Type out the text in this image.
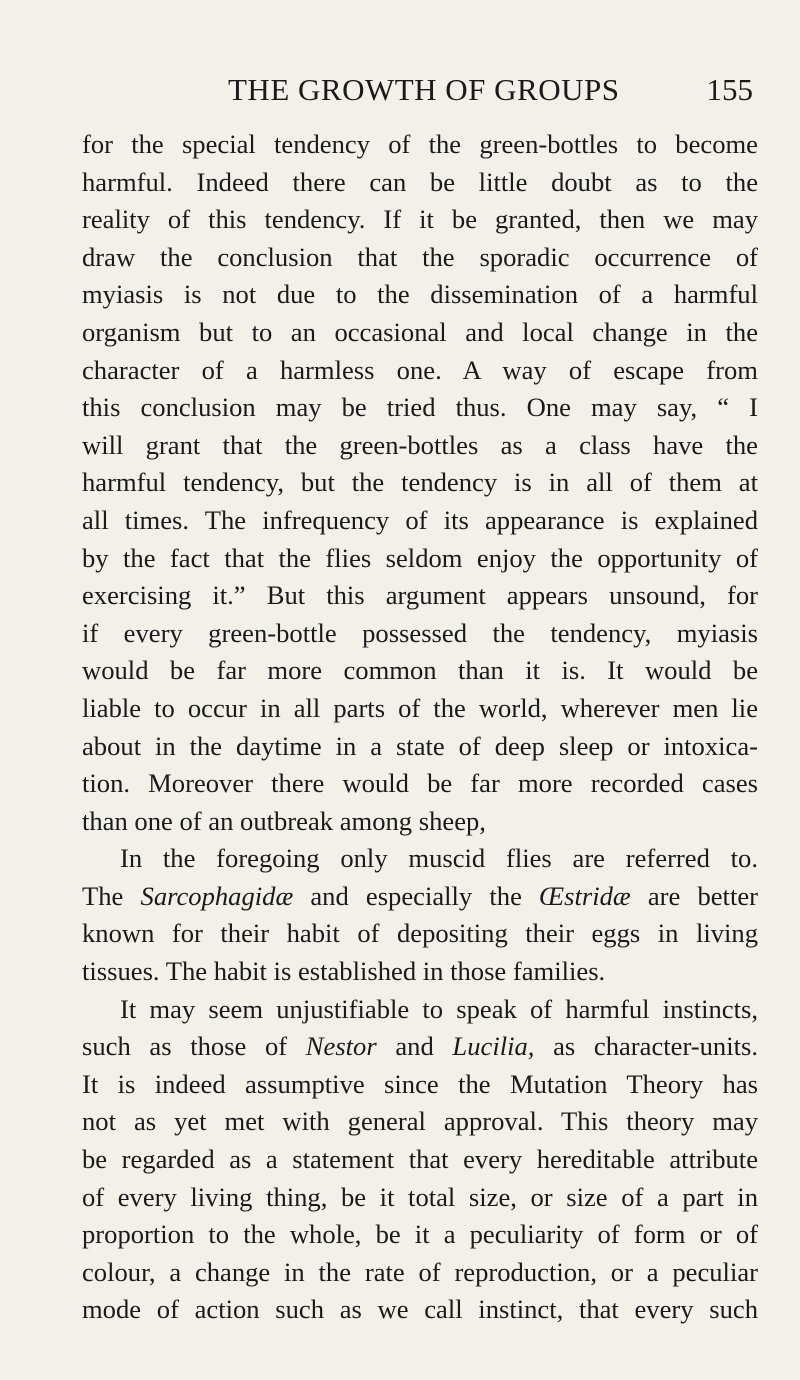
THE GROWTH OF GROUPS	155
for the special tendency of the green-bottles to become
harmful. Indeed there can be little doubt as to the
reality of this tendency. If it be granted, then we may
draw the conclusion that the sporadic occurrence of
myiasis is not due to the dissemination of a harmful
organism but to an occasional and local change in the
character of a harmless one. A way of escape from
this conclusion may be tried thus. One may say, “ I
will grant that the green-bottles as a class have the
harmful tendency, but the tendency is in all of them at
all times. The infrequency of its appearance is explained
by the fact that the flies seldom enjoy the opportunity of
exercising it.” But this argument appears unsound, for
if every green-bottle possessed the tendency, myiasis
would be far more common than it is. It would be
liable to occur in all parts of the world, wherever men lie
about in the daytime in a state of deep sleep or intoxica-
tion. Moreover there would be far more recorded cases
than one of an outbreak among sheep,
In the foregoing only muscid flies are referred to.
The Sarcophagidæ and especially the Œstridæ are better
known for their habit of depositing their eggs in living
tissues. The habit is established in those families.
It may seem unjustifiable to speak of harmful instincts,
such as those of Nestor and Lucilia, as character-units.
It is indeed assumptive since the Mutation Theory has
not as yet met with general approval. This theory may
be regarded as a statement that every hereditable attribute
of every living thing, be it total size, or size of a part in
proportion to the whole, be it a peculiarity of form or of
colour, a change in the rate of reproduction, or a peculiar
mode of action such as we call instinct, that every such
